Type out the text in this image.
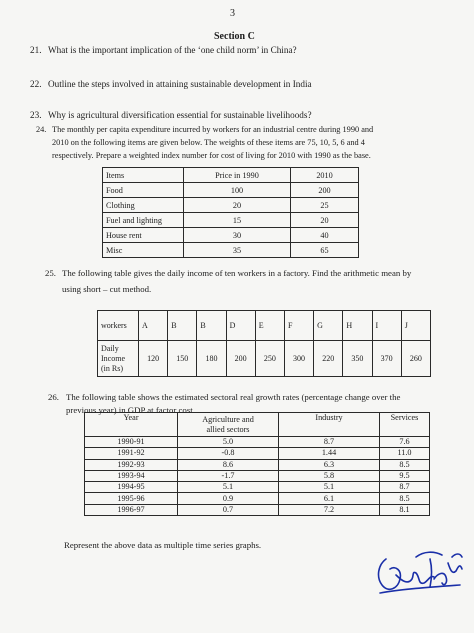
3
Section C
21. What is the important implication of the ‘one child norm’ in China?
22. Outline the steps involved in attaining sustainable development in India
23. Why is agricultural diversification essential for sustainable livelihoods?
24. The monthly per capita expenditure incurred by workers for an industrial centre during 1990 and
2010 on the following items are given below. The weights of these items are 75, 10, 5, 6 and 4
respectively. Prepare a weighted index number for cost of living for 2010 with 1990 as the base.
Items	Price in 1990	2010
Food	100	200
Clothing	20	25
Fuel and lighting	15	20
House rent	30	40
Misc	35	65
25. The following table gives the daily income of ten workers in a factory. Find the arithmetic mean by
using short – cut method.
workers	A	B	B	D	E	F	G	H	I	J

Daily
Income
(in Rs)	120	150	180	200	250	300	220	350	370	260
26. The following table shows the estimated sectoral real growth rates (percentage change over the
previous year) in GDP at factor cost.
Year	Agriculture and
allied sectors	Industry	Services
1990-91	5.0	8.7	7.6
1991-92	-0.8	1.44	11.0
1992-93	8.6	6.3	8.5
1993-94	-1.7	5.8	9.5
1994-95	5.1	5.1	8.7
1995-96	0.9	6.1	8.5
1996-97	0.7	7.2	8.1
Represent the above data as multiple time series graphs.
